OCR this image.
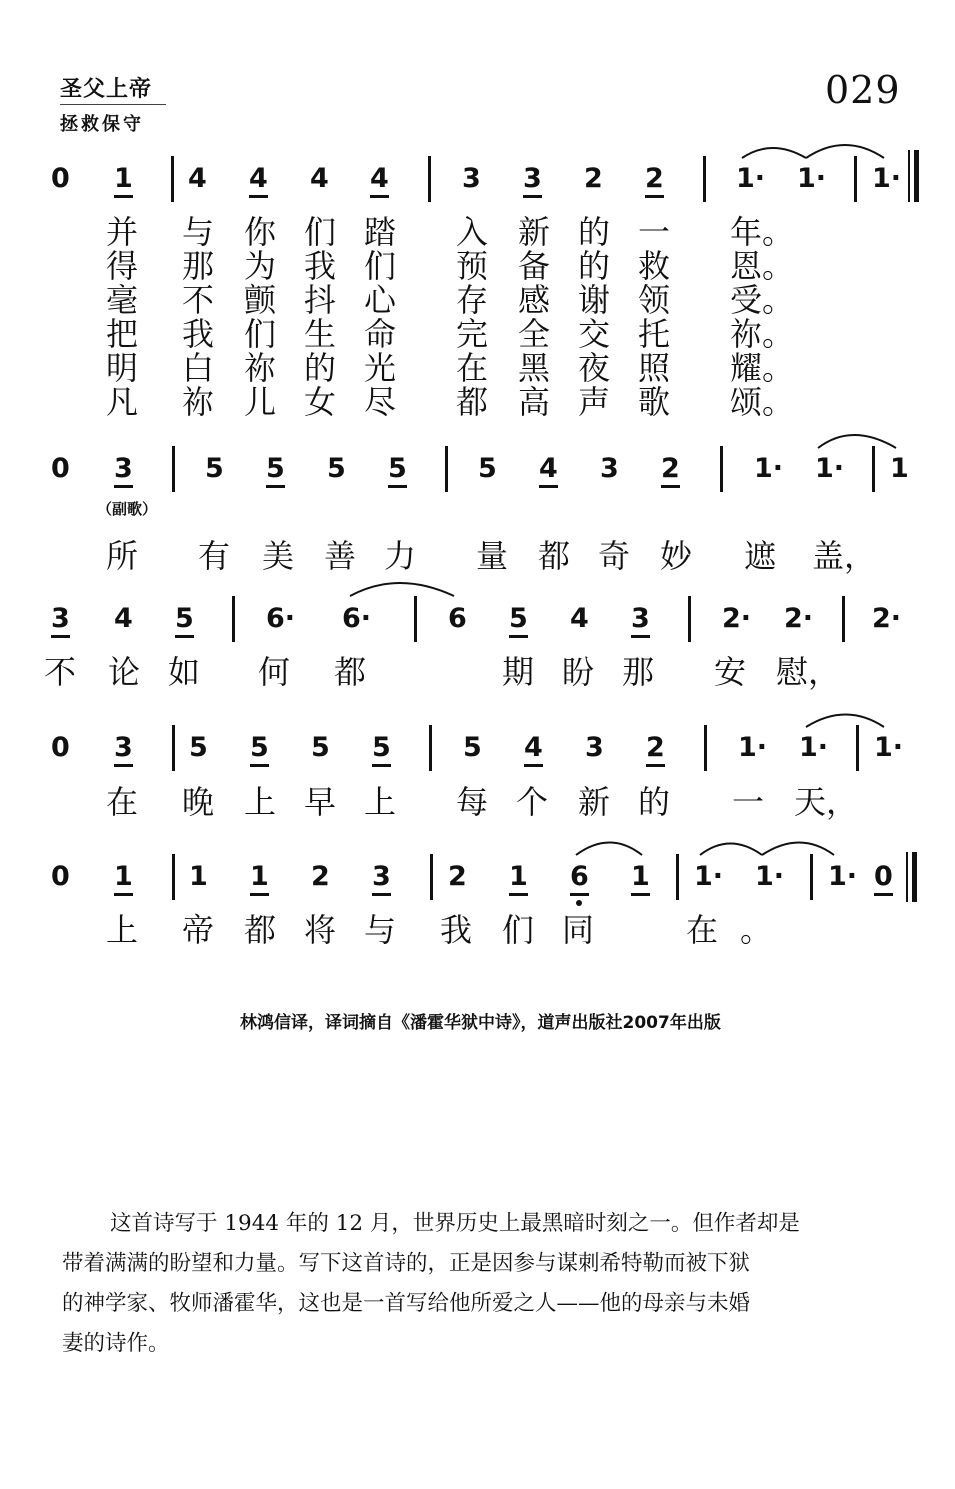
圣父上帝
拯救保守
029
0 1 4 4 4 4	3 3 2 2	1· 1· 1·
并 与 你 们 踏 入 新 的 一 年。
得 那 为 我 们 预 备 的 救 恩。
毫 不 颤 抖 心 存 感 谢 领 受。
把 我 们 生 命 完 全 交 托 祢。
明 白 祢 的 光 在 黑 夜 照 耀。
凡 祢 儿 女 尽 都 高 声 歌 颂。
0 3	5 5 5 5	5 4 3 2	1· 1· 1
（副歌）
所 有 美 善 力 量 都 奇 妙 遮 盖，
3 4 5	6· 6·	6 5 4 3	2· 2· 2·
不 论 如 何 都	期 盼 那 安 慰，
0 3 5 5 5 5	5 4 3 2	1· 1· 1·
在 晚 上 早 上 每 个 新 的 一 天，
0 1 1 1 2 3 2 1 6 1 1· 1· 1· 0
上 帝 都 将 与 我 们 同	在 。
林鸿信译，译词摘自《潘霍华狱中诗》，道声出版社2007年出版
这首诗写于 1944 年的 12 月，世界历史上最黑暗时刻之一。但作者却是
带着满满的盼望和力量。写下这首诗的，正是因参与谋刺希特勒而被下狱
的神学家、牧师潘霍华，这也是一首写给他所爱之人——他的母亲与未婚
妻的诗作。
